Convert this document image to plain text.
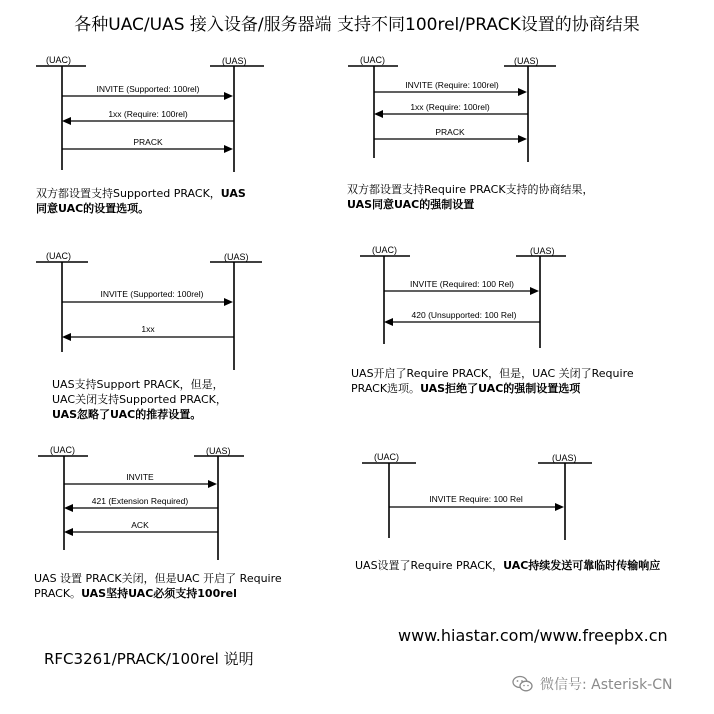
各种UAC/UAS 接入设备/服务器端 支持不同100rel/PRACK设置的协商结果
(UAC)	(UAS)
INVITE (Supported: 100rel)
1xx (Require: 100rel)
PRACK
双方都设置支持Supported PRACK，UAS
同意UAC的设置选项。
(UAC)	(UAS)
INVITE (Require: 100rel)
1xx (Require: 100rel)
PRACK
双方都设置支持Require PRACK支持的协商结果，
UAS同意UAC的强制设置
(UAC)	(UAS)
INVITE (Supported: 100rel)
1xx
UAS支持Support PRACK，但是，
UAC关闭支持Supported PRACK，
UAS忽略了UAC的推荐设置。
(UAC)	(UAS)
INVITE (Required: 100 Rel)
420 (Unsupported: 100 Rel)
UAS开启了Require PRACK，但是，UAC 关闭了Require
PRACK选项。UAS拒绝了UAC的强制设置选项
(UAC)	(UAS)
INVITE
421 (Extension Required)
ACK
UAS 设置 PRACK关闭，但是UAC 开启了 Require
PRACK。UAS坚持UAC必须支持100rel
(UAC)	(UAS)
INVITE Require: 100 Rel
UAS设置了Require PRACK，UAC持续发送可靠临时传输响应
www.hiastar.com/www.freepbx.cn
RFC3261/PRACK/100rel 说明
微信号: Asterisk-CN
